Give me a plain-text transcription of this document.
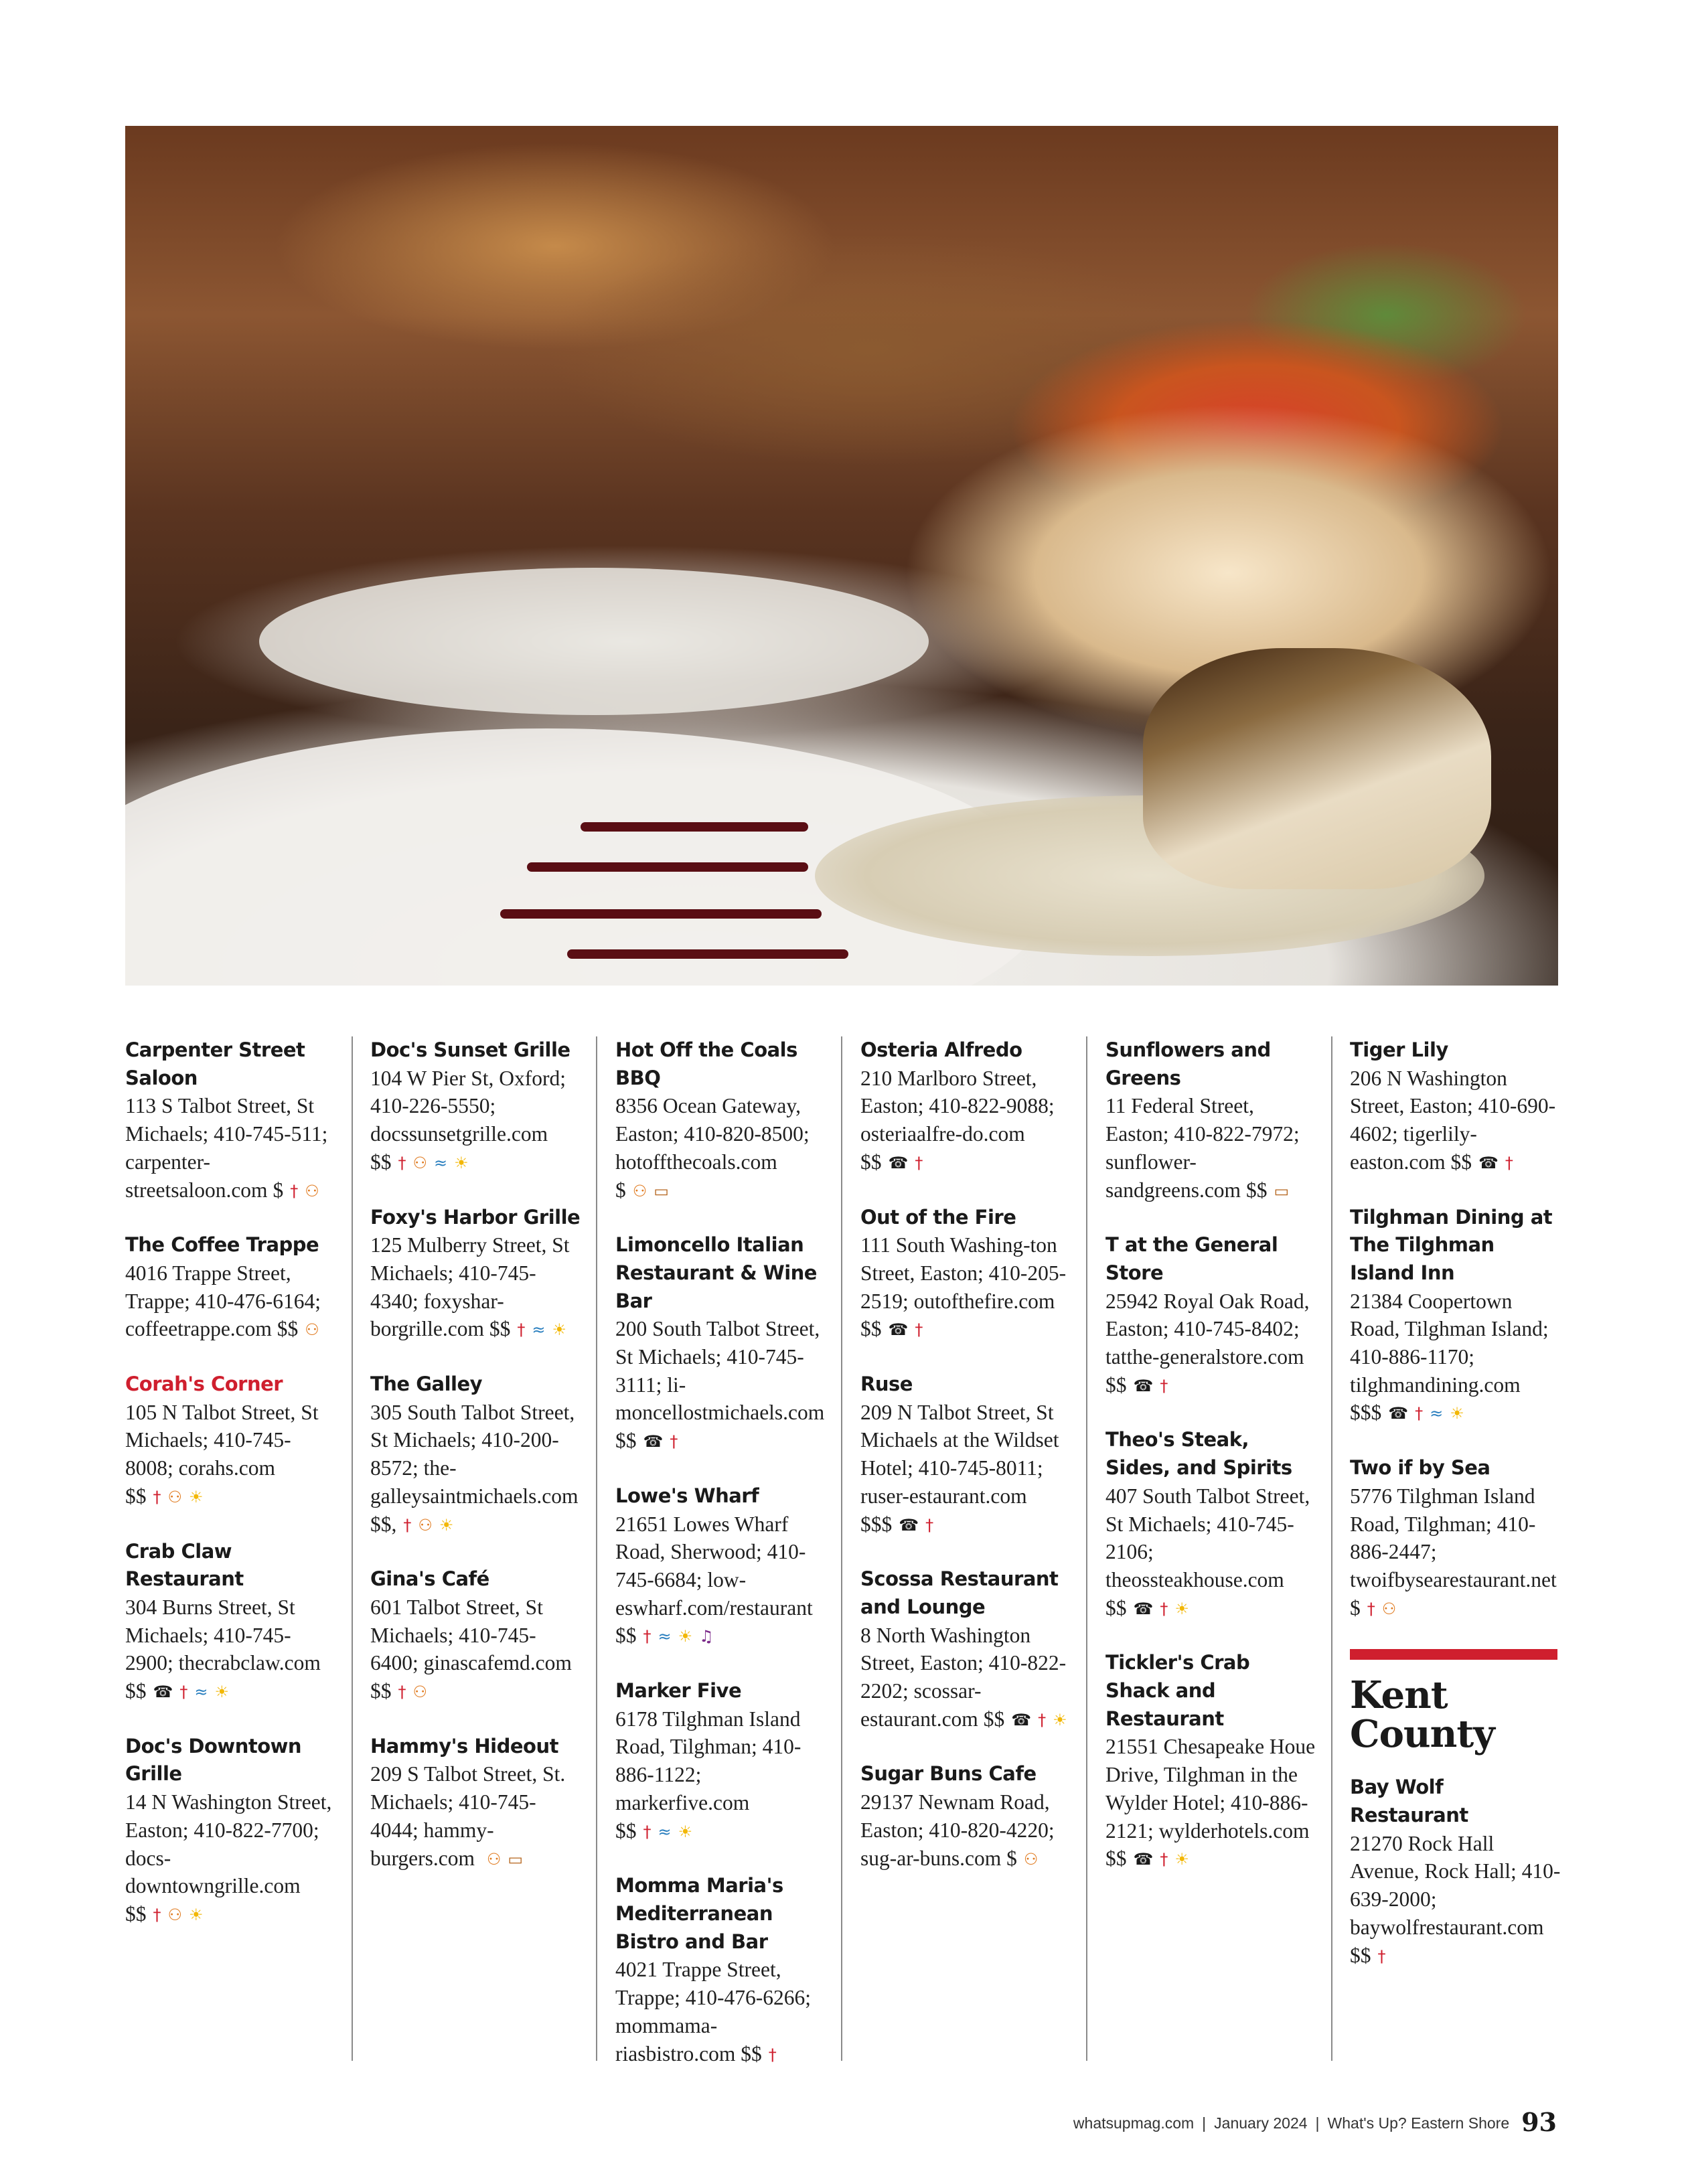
Carpenter Street Saloon
113 S Talbot Street, St Michaels; 410-745-511; carpenter-streetsaloon.com $ † ⚇
The Coffee Trappe
4016 Trappe Street, Trappe; 410-476-6164; coffeetrappe.com $$ ⚇
Corah's Corner
105 N Talbot Street, St Michaels; 410-745-8008; corahs.com $$ † ⚇ ☀
Crab Claw Restaurant
304 Burns Street, St Michaels; 410-745-2900; thecrabclaw.com $$ ☎ † ≈ ☀
Doc's Downtown Grille
14 N Washington Street, Easton; 410-822-7700; docs-downtowngrille.com $$ † ⚇ ☀
Doc's Sunset Grille
104 W Pier St, Oxford; 410-226-5550; docssunsetgrille.com $$ † ⚇ ≈ ☀
Foxy's Harbor Grille
125 Mulberry Street, St Michaels; 410-745-4340; foxyshar-borgrille.com $$ † ≈ ☀
The Galley
305 South Talbot Street, St Michaels; 410-200-8572; the-galleysaintmichaels.com $$, † ⚇ ☀
Gina's Café
601 Talbot Street, St Michaels; 410-745-6400; ginascafemd.com $$ † ⚇
Hammy's Hideout
209 S Talbot Street, St. Michaels; 410-745-4044; hammy-burgers.com ⚇ ▭
Hot Off the Coals BBQ
8356 Ocean Gateway, Easton; 410-820-8500; hotoffthecoals.com $ ⚇ ▭
Limoncello Italian Restaurant & Wine Bar
200 South Talbot Street, St Michaels; 410-745-3111; li-moncellostmichaels.com $$ ☎ †
Lowe's Wharf
21651 Lowes Wharf Road, Sherwood; 410-745-6684; low-eswharf.com/restaurant $$ † ≈ ☀ ♫
Marker Five
6178 Tilghman Island Road, Tilghman; 410-886-1122; markerfive.com $$ † ≈ ☀
Momma Maria's Mediterranean Bistro and Bar
4021 Trappe Street, Trappe; 410-476-6266; mommama-riasbistro.com $$ †
Osteria Alfredo
210 Marlboro Street, Easton; 410-822-9088; osteriaalfre-do.com $$ ☎ †
Out of the Fire
111 South Washing-ton Street, Easton; 410-205-2519; outofthefire.com $$ ☎ †
Ruse
209 N Talbot Street, St Michaels at the Wildset Hotel; 410-745-8011; ruser-estaurant.com $$$ ☎ †
Scossa Restaurant and Lounge
8 North Washington Street, Easton; 410-822-2202; scossar-estaurant.com $$ ☎ † ☀
Sugar Buns Cafe
29137 Newnam Road, Easton; 410-820-4220; sug-ar-buns.com $ ⚇
Sunflowers and Greens
11 Federal Street, Easton; 410-822-7972; sunflower-sandgreens.com $$ ▭
T at the General Store
25942 Royal Oak Road, Easton; 410-745-8402; tatthe-generalstore.com $$ ☎ †
Theo's Steak, Sides, and Spirits
407 South Talbot Street, St Michaels; 410-745-2106; theossteakhouse.com $$ ☎ † ☀
Tickler's Crab Shack and Restaurant
21551 Chesapeake Houe Drive, Tilghman in the Wylder Hotel; 410-886-2121; wylderhotels.com $$ ☎ † ☀
Tiger Lily
206 N Washington Street, Easton; 410-690-4602; tigerlily-easton.com $$ ☎ †
Tilghman Dining at The Tilghman Island Inn
21384 Coopertown Road, Tilghman Island; 410-886-1170; tilghmandining.com $$$ ☎ † ≈ ☀
Two if by Sea
5776 Tilghman Island Road, Tilghman; 410-886-2447; twoifbysearestaurant.net $ † ⚇
Kent County
Bay Wolf Restaurant
21270 Rock Hall Avenue, Rock Hall; 410-639-2000; baywolfrestaurant.com $$ †
whatsupmag.com | January 2024 | What's Up? Eastern Shore 93
